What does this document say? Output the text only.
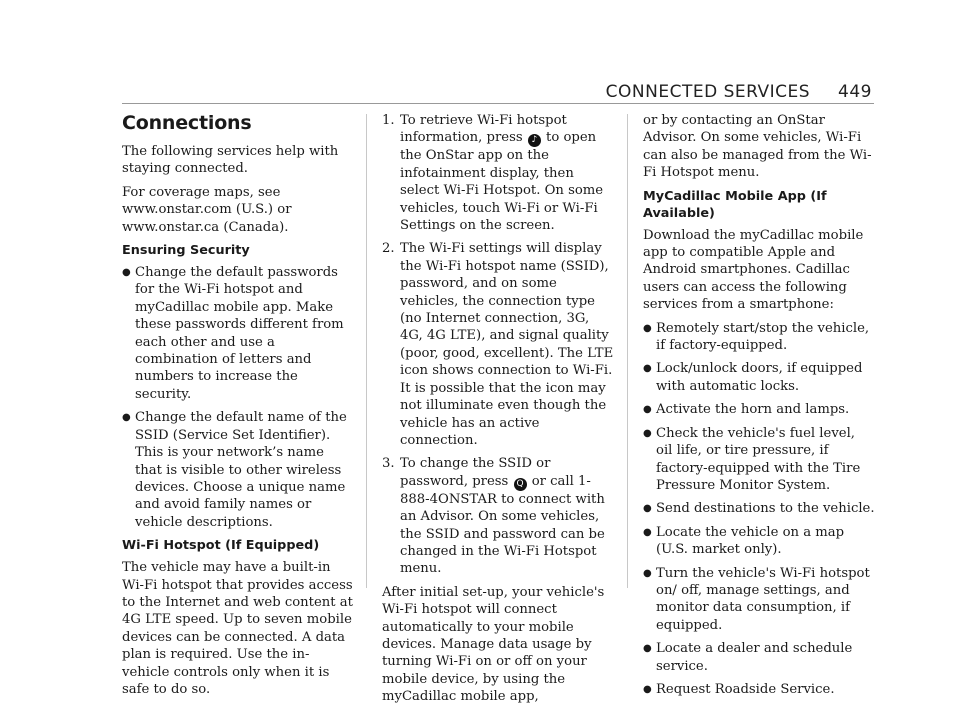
CONNECTED SERVICES 449
Connections

The following services help with staying connected.

For coverage maps, see www.onstar.com (U.S.) or www.onstar.ca (Canada).

Ensuring Security
● Change the default passwords for the Wi-Fi hotspot and myCadillac mobile app. Make these passwords different from each other and use a combination of letters and numbers to increase the security.
● Change the default name of the SSID (Service Set Identifier). This is your network’s name that is visible to other wireless devices. Choose a unique name and avoid family names or vehicle descriptions.
Wi-Fi Hotspot (If Equipped)

The vehicle may have a built-in Wi-Fi hotspot that provides access to the Internet and web content at 4G LTE speed. Up to seven mobile devices can be connected. A data plan is required. Use the in-vehicle controls only when it is safe to do so.

1. To retrieve Wi-Fi hotspot information, press ♪ to open the OnStar app on the infotainment display, then select Wi-Fi Hotspot. On some vehicles, touch Wi-Fi or Wi-Fi Settings on the screen.
2. The Wi-Fi settings will display the Wi-Fi hotspot name (SSID), password, and on some vehicles, the connection type (no Internet connection, 3G, 4G, 4G LTE), and signal quality (poor, good, excellent). The LTE icon shows connection to Wi-Fi. It is possible that the icon may not illuminate even though the vehicle has an active connection.
3. To change the SSID or password, press Q or call 1-888-4ONSTAR to connect with an Advisor. On some vehicles, the SSID and password can be changed in the Wi-Fi Hotspot menu.

After initial set-up, your vehicle's Wi-Fi hotspot will connect automatically to your mobile devices. Manage data usage by turning Wi-Fi on or off on your mobile device, by using the myCadillac mobile app,

or by contacting an OnStar Advisor. On some vehicles, Wi-Fi can also be managed from the Wi-Fi Hotspot menu.

MyCadillac Mobile App (If Available)

Download the myCadillac mobile app to compatible Apple and Android smartphones. Cadillac users can access the following services from a smartphone:

● Remotely start/stop the vehicle, if factory-equipped.
● Lock/unlock doors, if equipped with automatic locks.
● Activate the horn and lamps.
● Check the vehicle's fuel level, oil life, or tire pressure, if factory-equipped with the Tire Pressure Monitor System.
● Send destinations to the vehicle.
● Locate the vehicle on a map (U.S. market only).
● Turn the vehicle's Wi-Fi hotspot on/ off, manage settings, and monitor data consumption, if equipped.
● Locate a dealer and schedule service.
● Request Roadside Service.
